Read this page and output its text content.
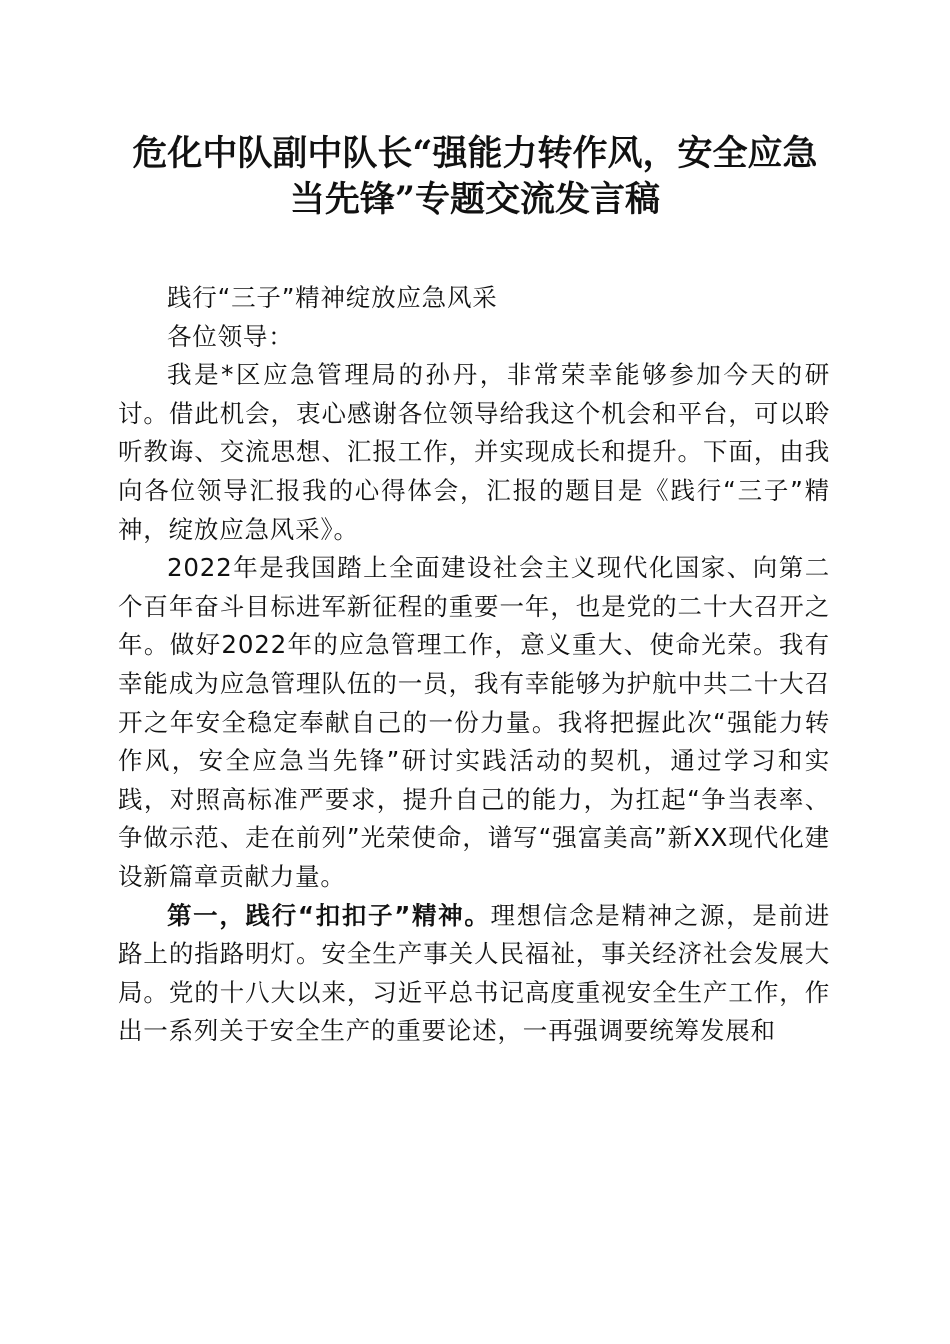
危化中队副中队长“强能力转作风，安全应急
当先锋”专题交流发言稿

践行“三子”精神绽放应急风采

各位领导：

我是*区应急管理局的孙丹，非常荣幸能够参加今天的研讨。借此机会，衷心感谢各位领导给我这个机会和平台，可以聆听教诲、交流思想、汇报工作，并实现成长和提升。下面，由我向各位领导汇报我的心得体会，汇报的题目是《践行“三子”精神，绽放应急风采》。

2022年是我国踏上全面建设社会主义现代化国家、向第二个百年奋斗目标进军新征程的重要一年，也是党的二十大召开之年。做好2022年的应急管理工作，意义重大、使命光荣。我有幸能成为应急管理队伍的一员，我有幸能够为护航中共二十大召开之年安全稳定奉献自己的一份力量。我将把握此次“强能力转作风，安全应急当先锋”研讨实践活动的契机，通过学习和实践，对照高标准严要求，提升自己的能力，为扛起“争当表率、争做示范、走在前列”光荣使命，谱写“强富美高”新XX现代化建设新篇章贡献力量。

第一，践行“扣扣子”精神。理想信念是精神之源，是前进路上的指路明灯。安全生产事关人民福祉，事关经济社会发展大局。党的十八大以来，习近平总书记高度重视安全生产工作，作出一系列关于安全生产的重要论述，一再强调要统筹发展和
